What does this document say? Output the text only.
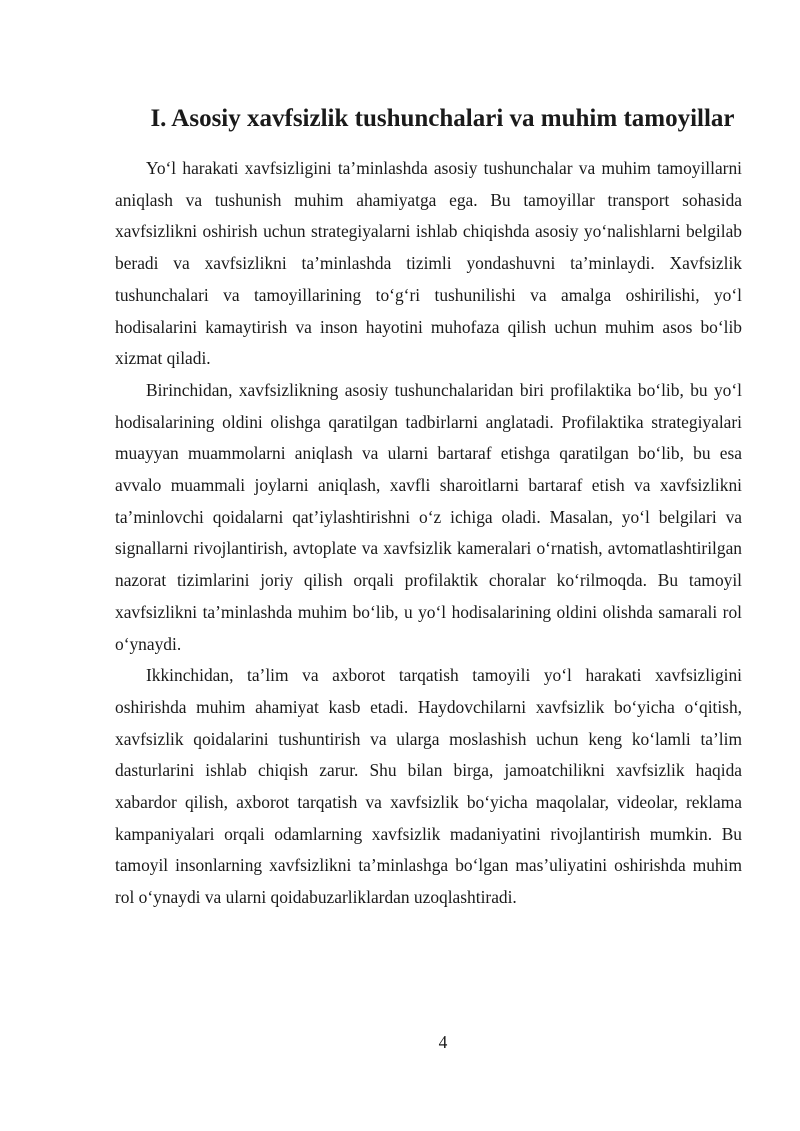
I. Asosiy xavfsizlik tushunchalari va muhim tamoyillar

Yo‘l harakati xavfsizligini ta’minlashda asosiy tushunchalar va muhim tamoyillarni aniqlash va tushunish muhim ahamiyatga ega. Bu tamoyillar transport sohasida xavfsizlikni oshirish uchun strategiyalarni ishlab chiqishda asosiy yo‘nalishlarni belgilab beradi va xavfsizlikni ta’minlashda tizimli yondashuvni ta’minlaydi. Xavfsizlik tushunchalari va tamoyillarining to‘g‘ri tushunilishi va amalga oshirilishi, yo‘l hodisalarini kamaytirish va inson hayotini muhofaza qilish uchun muhim asos bo‘lib xizmat qiladi.

Birinchidan, xavfsizlikning asosiy tushunchalaridan biri profilaktika bo‘lib, bu yo‘l hodisalarining oldini olishga qaratilgan tadbirlarni anglatadi. Profilaktika strategiyalari muayyan muammolarni aniqlash va ularni bartaraf etishga qaratilgan bo‘lib, bu esa avvalo muammali joylarni aniqlash, xavfli sharoitlarni bartaraf etish va xavfsizlikni ta’minlovchi qoidalarni qat’iylashtirishni o‘z ichiga oladi. Masalan, yo‘l belgilari va signallarni rivojlantirish, avtoplate va xavfsizlik kameralari o‘rnatish, avtomatlashtirilgan nazorat tizimlarini joriy qilish orqali profilaktik choralar ko‘rilmoqda. Bu tamoyil xavfsizlikni ta’minlashda muhim bo‘lib, u yo‘l hodisalarining oldini olishda samarali rol o‘ynaydi.

Ikkinchidan, ta’lim va axborot tarqatish tamoyili yo‘l harakati xavfsizligini oshirishda muhim ahamiyat kasb etadi. Haydovchilarni xavfsizlik bo‘yicha o‘qitish, xavfsizlik qoidalarini tushuntirish va ularga moslashish uchun keng ko‘lamli ta’lim dasturlarini ishlab chiqish zarur. Shu bilan birga, jamoatchilikni xavfsizlik haqida xabardor qilish, axborot tarqatish va xavfsizlik bo‘yicha maqolalar, videolar, reklama kampaniyalari orqali odamlarning xavfsizlik madaniyatini rivojlantirish mumkin. Bu tamoyil insonlarning xavfsizlikni ta’minlashga bo‘lgan mas’uliyatini oshirishda muhim rol o‘ynaydi va ularni qoidabuzarliklardan uzoqlashtiradi.

4
